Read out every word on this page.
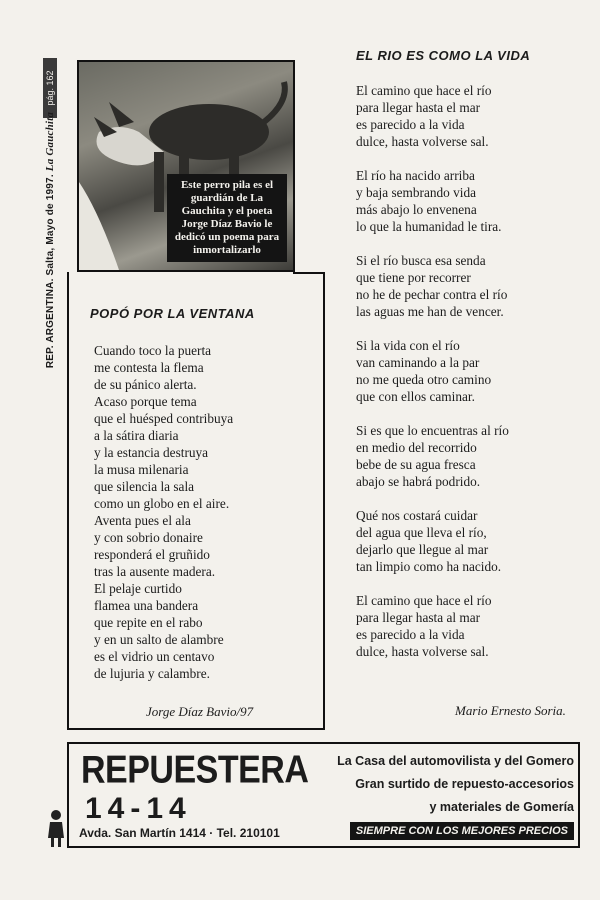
pág. 162
REP. ARGENTINA. Salta, Mayo de 1997. La Gauchita
Este perro pila es el guardián de La Gauchita y el poeta Jorge Díaz Bavio le dedicó un poema para inmortalizarlo
POPÓ POR LA VENTANA
Cuando toco la puerta
me contesta la flema
de su pánico alerta.
Acaso porque tema
que el huésped contribuya
a la sátira diaria
y la estancia destruya
la musa milenaria
que silencia la sala
como un globo en el aire.
Aventa pues el ala
y con sobrio donaire
responderá el gruñido
tras la ausente madera.
El pelaje curtido
flamea una bandera
que repite en el rabo
y en un salto de alambre
es el vidrio un centavo
de lujuria y calambre.
Jorge Díaz Bavio/97
EL RIO ES COMO LA VIDA
El camino que hace el río
para llegar hasta el mar
es parecido a la vida
dulce, hasta volverse sal.
El río ha nacido arriba
y baja sembrando vida
más abajo lo envenena
lo que la humanidad le tira.
Si el río busca esa senda
que tiene por recorrer
no he de pechar contra el río
las aguas me han de vencer.
Si la vida con el río
van caminando a la par
no me queda otro camino
que con ellos caminar.
Si es que lo encuentras al río
en medio del recorrido
bebe de su agua fresca
abajo se habrá podrido.
Qué nos costará cuidar
del agua que lleva el río,
dejarlo que llegue al mar
tan limpio como ha nacido.
El camino que hace el río
para llegar hasta al mar
es parecido a la vida
dulce, hasta volverse sal.
Mario Ernesto Soria.
REPUESTERA
14-14
Avda. San Martín 1414 · Tel. 210101
La Casa del automovilista y del Gomero
Gran surtido de repuesto-accesorios
y materiales de Gomería
SIEMPRE CON LOS MEJORES PRECIOS
